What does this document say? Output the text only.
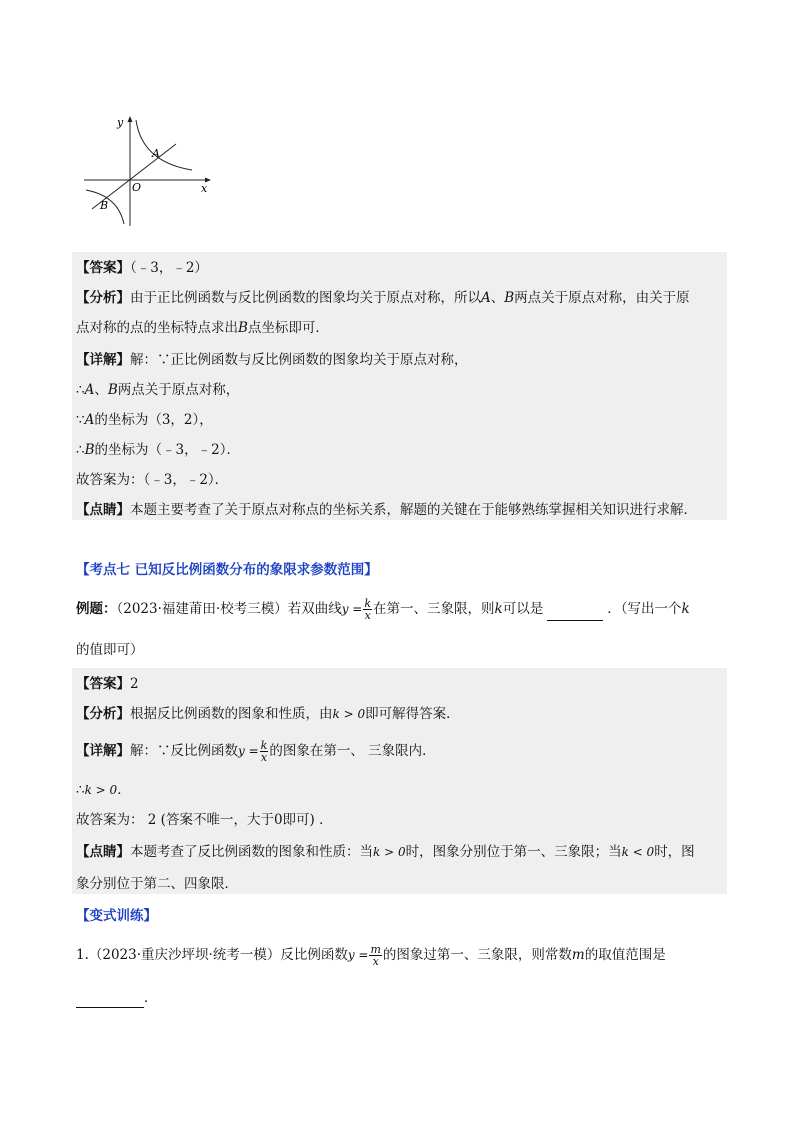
y
x
O
A
B
【答案】（﹣3，﹣2）
【分析】由于正比例函数与反比例函数的图象均关于原点对称，所以A、B两点关于原点对称，由关于原
点对称的点的坐标特点求出B点坐标即可．
【详解】解：∵正比例函数与反比例函数的图象均关于原点对称，
∴A、B两点关于原点对称，
∵A的坐标为（3，2），
∴B的坐标为（﹣3，﹣2）．
故答案为：（﹣3，﹣2）．
【点睛】本题主要考查了关于原点对称点的坐标关系，解题的关键在于能够熟练掌握相关知识进行求解．
【考点七 已知反比例函数分布的象限求参数范围】
例题：（2023·福建莆田·校考三模）若双曲线$y = \frac{k}{x}$ 在第一、三象限，则k可以是	．（写出一个k
的值即可）
【答案】2
【分析】根据反比例函数的图象和性质，由k > 0即可解得答案．
【详解】解：∵反比例函数$y = \frac{k}{x}$ 的图象在第一、 三象限内．
∴k > 0．
故答案为： 2 (答案不唯一，大于0即可) ．
【点睛】本题考查了反比例函数的图象和性质：当k > 0时，图象分别位于第一、三象限；当k < 0时，图
象分别位于第二、四象限．
【变式训练】
1.（2023·重庆沙坪坝·统考一模）反比例函数$y = \frac{m}{x}$ 的图象过第一、三象限，则常数m的取值范围是
．
